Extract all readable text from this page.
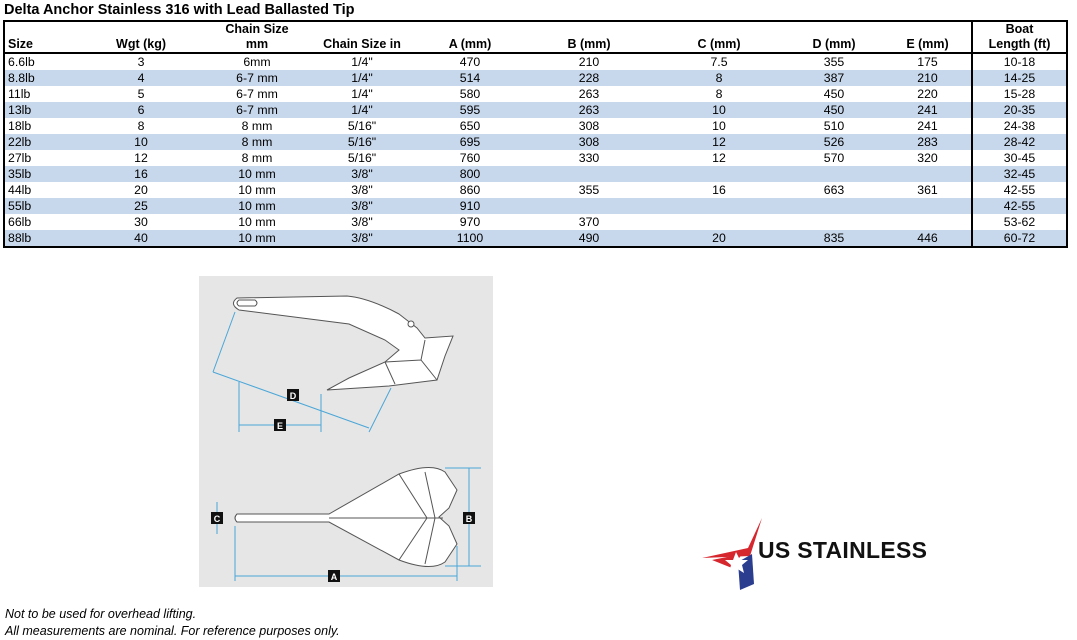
Delta Anchor Stainless 316 with Lead Ballasted Tip
Size	Wgt (kg)	Chain Size
mm	Chain Size in	A (mm)	B (mm)	C (mm)	D (mm)	E (mm)	Boat
Length (ft)
6.6lb	3	6mm	1/4"	470	210	7.5	355	175	10-18
8.8lb	4	6-7 mm	1/4"	514	228	8	387	210	14-25
11lb	5	6-7 mm	1/4"	580	263	8	450	220	15-28
13lb	6	6-7 mm	1/4"	595	263	10	450	241	20-35
18lb	8	8 mm	5/16"	650	308	10	510	241	24-38
22lb	10	8 mm	5/16"	695	308	12	526	283	28-42
27lb	12	8 mm	5/16"	760	330	12	570	320	30-45
35lb	16	10 mm	3/8"	800					32-45
44lb	20	10 mm	3/8"	860	355	16	663	361	42-55
55lb	25	10 mm	3/8"	910					42-55
66lb	30	10 mm	3/8"	970	370				53-62
88lb	40	10 mm	3/8"	1100	490	20	835	446	60-72
D
E
B
C
A
US STAINLESS
Not to be used for overhead lifting.
All measurements are nominal. For reference purposes only.
